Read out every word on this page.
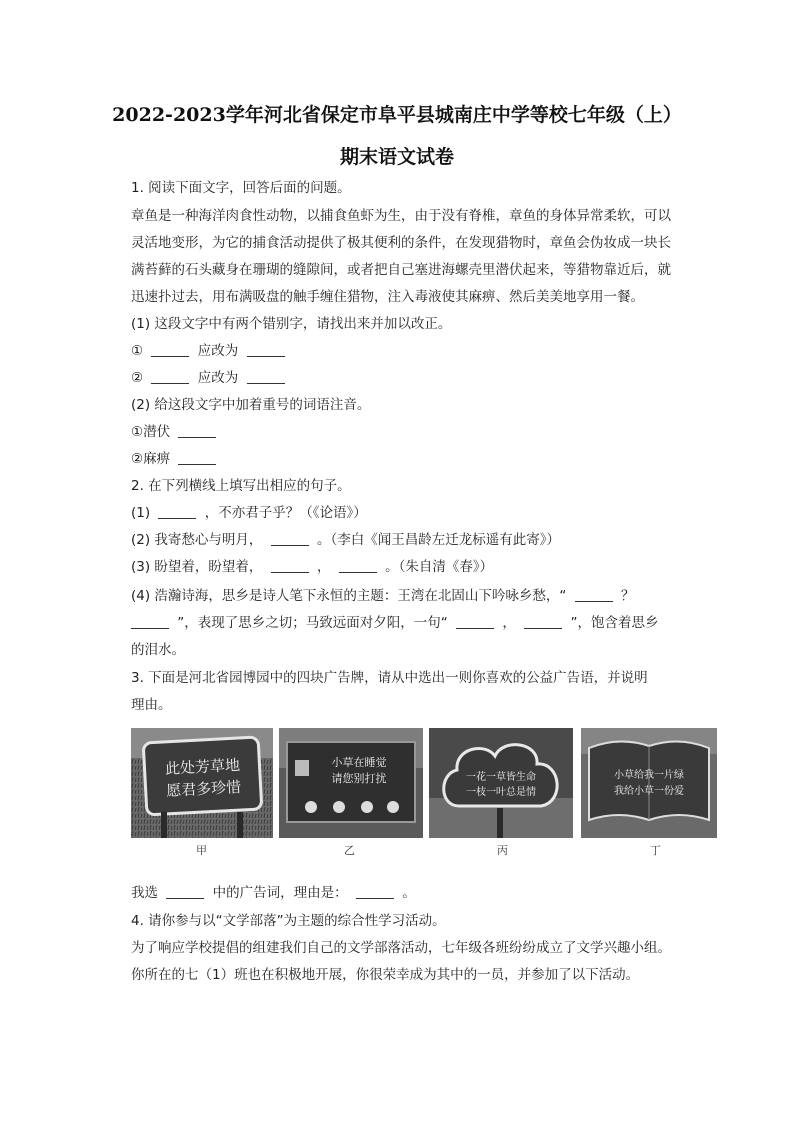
2022-2023学年河北省保定市阜平县城南庄中学等校七年级（上）
期末语文试卷
1. 阅读下面文字，回答后面的问题。
章鱼是一种海洋肉食性动物，以捕食鱼虾为生，由于没有脊椎，章鱼的身体异常柔软，可以
灵活地变形，为它的捕食活动提供了极其便利的条件，在发现猎物时，章鱼会伪妆成一块长
满苔藓的石头藏身在珊瑚的缝隙间，或者把自己塞进海螺壳里潜伏起来，等猎物靠近后，就
迅速扑过去，用布满吸盘的触手缠住猎物，注入毒液使其麻痹、然后美美地享用一餐。
(1) 这段文字中有两个错别字，请找出来并加以改正。
①	应改为
②	应改为
(2) 给这段文字中加着重号的词语注音。
①潜伏
②麻痹
2. 在下列横线上填写出相应的句子。
(1)	，不亦君子乎？（《论语》）
(2) 我寄愁心与明月，	。（李白《闻王昌龄左迁龙标遥有此寄》）
(3) 盼望着，盼望着，	，	。（朱自清《春》）
(4) 浩瀚诗海，思乡是诗人笔下永恒的主题：王湾在北固山下吟咏乡愁，“	？
”，表现了思乡之切；马致远面对夕阳，一句“	，	”，饱含着思乡
的泪水。
3. 下面是河北省园博园中的四块广告牌，请从中选出一则你喜欢的公益广告语，并说明
理由。
此处芳草地
愿君多珍惜
小草在睡觉
请您别打扰	一花一草皆生命
一枝一叶总是情
小草给我一片绿
我给小草一份爱
甲	乙	丙	丁
我选	中的广告词，理由是：	。
4. 请你参与以“文学部落”为主题的综合性学习活动。
为了响应学校提倡的组建我们自己的文学部落活动，七年级各班纷纷成立了文学兴趣小组。
你所在的七（1）班也在积极地开展，你很荣幸成为其中的一员，并参加了以下活动。
